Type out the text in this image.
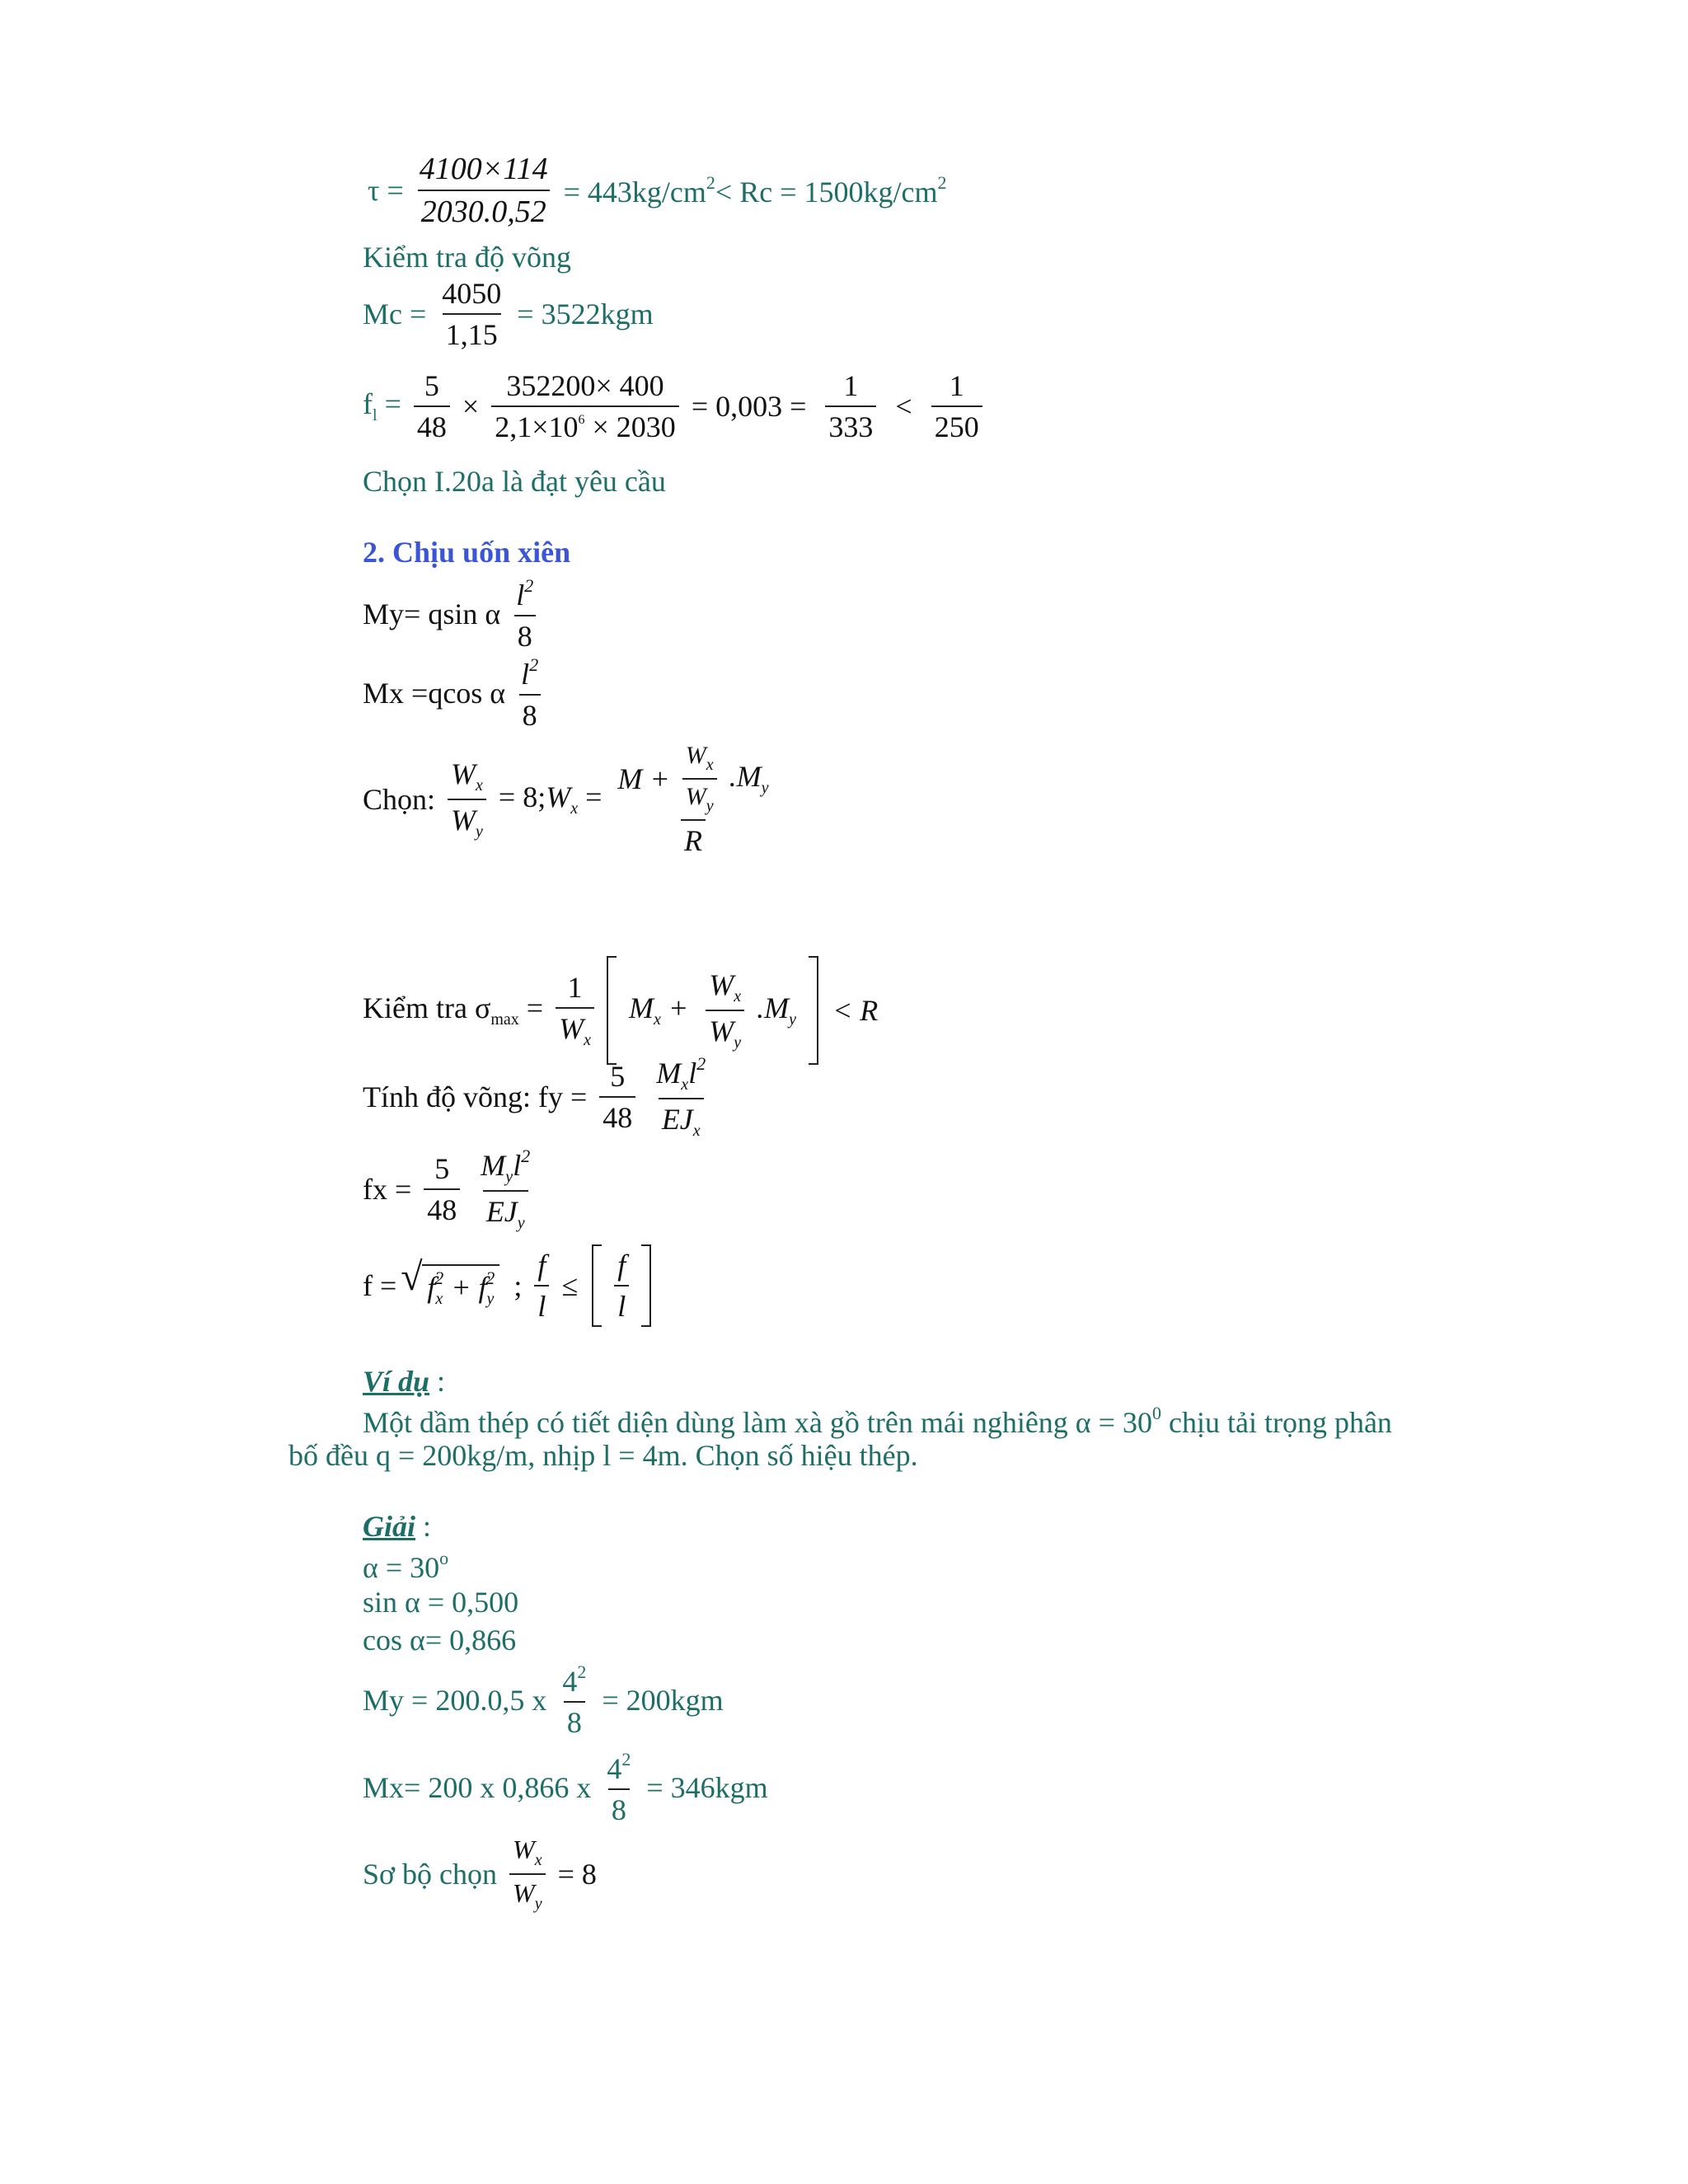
$\tau = \frac{4100\times 114}{2030.0,52} = 443kg/cm^2< Rc = 1500kg/cm^2$
Kiểm tra độ võng
$Mc = \frac{4050}{1,15} = 3522kgm$
$f_l = \frac{5}{48} \times \frac{352200\times 400}{2,1\times 10^6 \times 2030} = 0,003 = \frac{1}{333} < \frac{1}{250}$
Chọn I.20a là đạt yêu cầu
2. Chịu uốn xiên
My= qsin α $\frac{l^2}{8}$
Mx =qcos α $\frac{l^2}{8}$
Chọn: $\frac{W_x}{W_y}$ = $8;W_x = \frac{M + \frac{W_x}{W_y} .M_y}{R}$
Kiểm tra $\sigma_{max} = \frac{1}{W_x} M_x + \frac{W_x}{W_y} .M_y < R$
Tính độ võng: fy = $\frac{5}{48}$
$\frac{M_xl^2}{EJ_x}$
fx = $\frac{5}{48}$
$\frac{M_yl^2}{EJ_y}$
f = √ $f_x^2 + f_y^2$ ; $\frac{f}{l} \le \frac{f}{l}$

Ví dụ :
Một dầm thép có tiết diện dùng làm xà gồ trên mái nghiêng $\alpha = 30^0$ chịu tải trọng phân
bố đều q = 200kg/m, nhịp l = 4m. Chọn số hiệu thép.
Giải :
$\alpha = 30^o$
sin α = 0,500
cos α= 0,866
My = 200.0,5 x $\frac{4^2}{8} = 200kgm$
Mx= 200 x 0,866 x $\frac{4^2}{8} = 346kgm$
Sơ bộ chọn $\frac{W_x}{W_y} = 8$
